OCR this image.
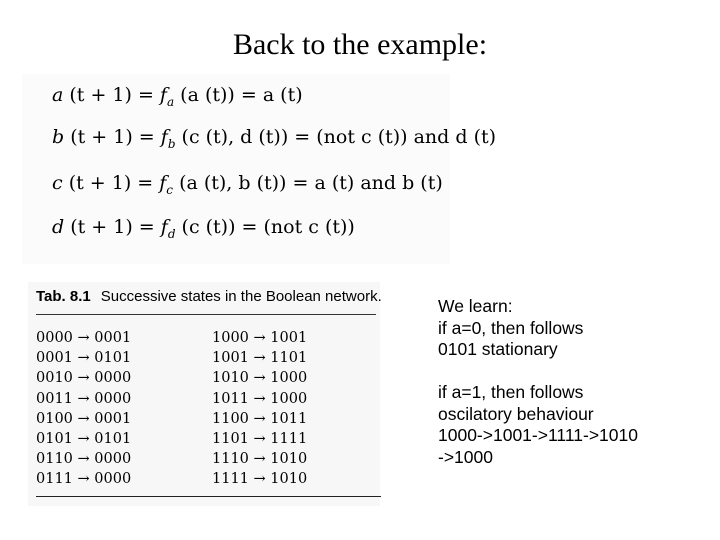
Back to the example:
a $(t + 1) = f_a$ (a (t)) = a (t)
b $(t + 1) = f_b$ (c (t), d (t)) = (not c (t)) and d (t)
c $(t + 1) = f_c$ (a (t), b (t)) = a (t) and b (t)
d $(t + 1) = f_d$ (c (t)) = (not c (t))
Tab. 8.1 Successive states in the Boolean network.
0000 → 0001
0001 → 0101
0010 → 0000
0011 → 0000
0100 → 0001
0101 → 0101
0110 → 0000
0111 → 0000
1000 → 1001
1001 → 1101
1010 → 1000
1011 → 1000
1100 → 1011
1101 → 1111
1110 → 1010
1111 → 1010
We learn:
if a=0, then follows
0101 stationary
if a=1, then follows
oscilatory behaviour
1000->1001->1111->1010
->1000
